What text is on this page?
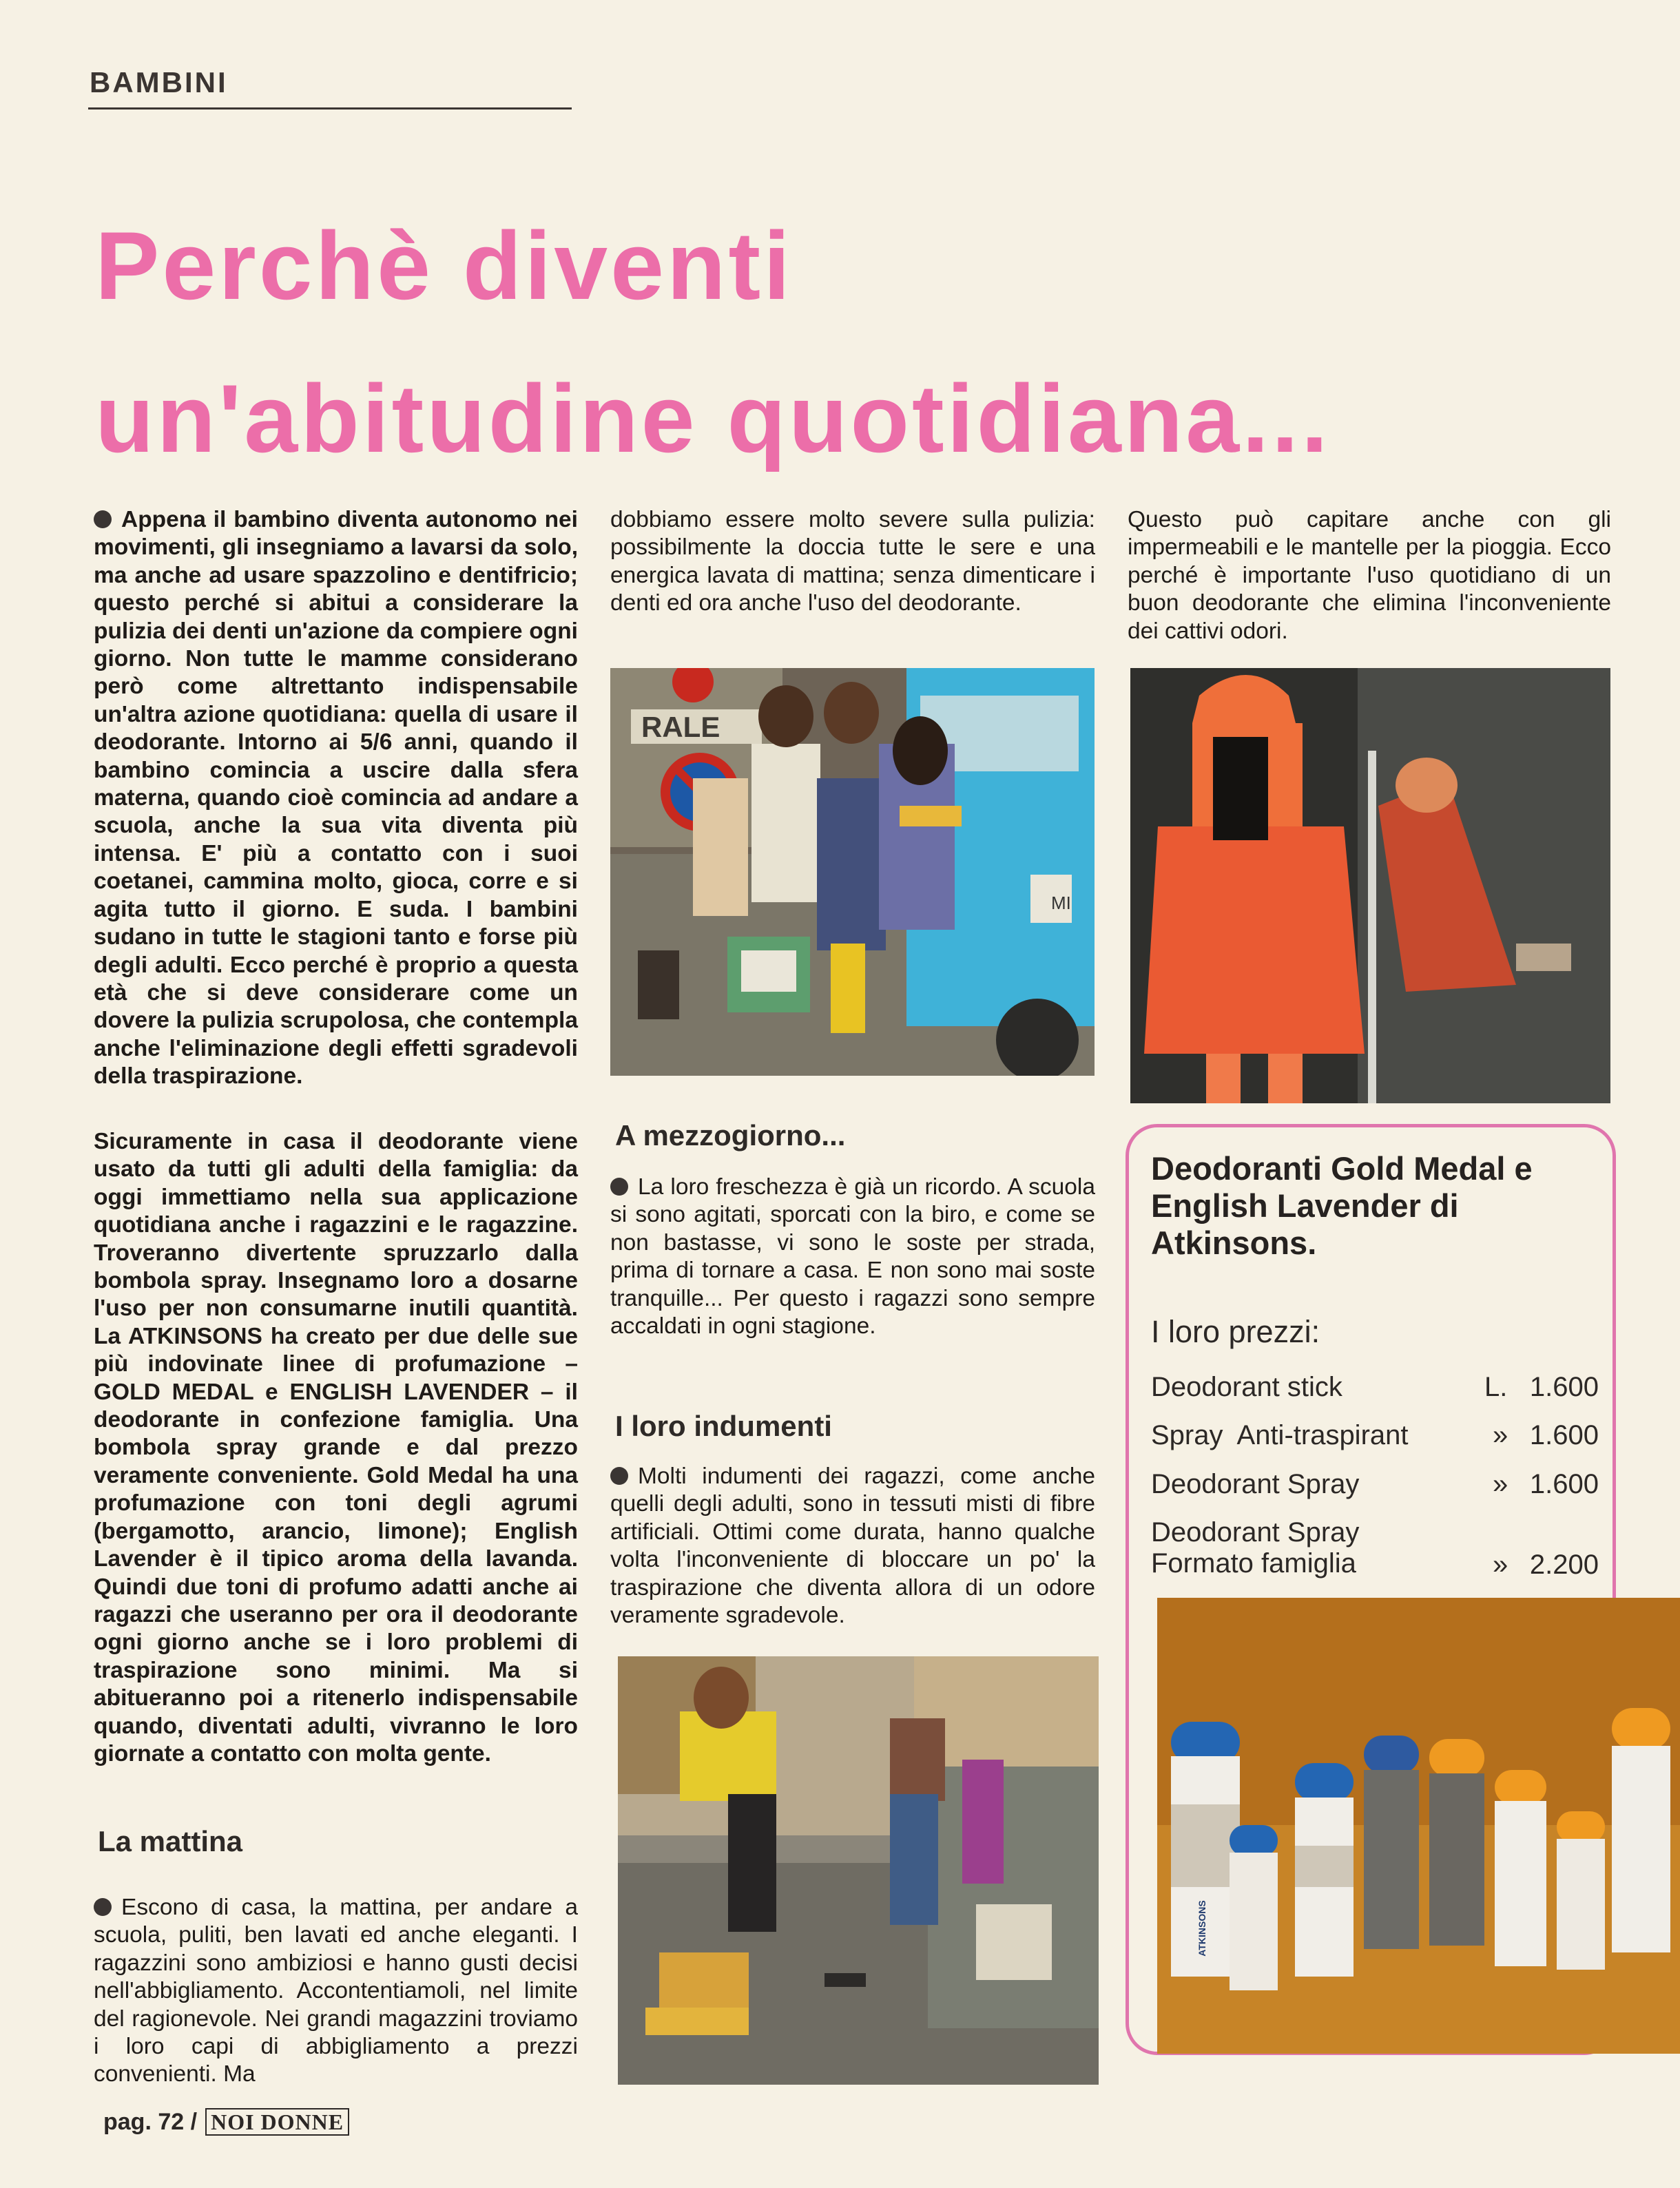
BAMBINI
Perchè diventi
un'abitudine quotidiana...
Appena il bambino diventa autonomo nei movimenti, gli insegniamo a lavarsi da solo, ma anche ad usare spazzolino e dentifricio; questo perché si abitui a considerare la pulizia dei denti un'azione da compiere ogni giorno. Non tutte le mamme considerano però come altrettanto indispensabile un'altra azione quotidiana: quella di usare il deodorante. Intorno ai 5/6 anni, quando il bambino comincia a uscire dalla sfera materna, quando cioè comincia ad andare a scuola, anche la sua vita diventa più intensa. E' più a contatto con i suoi coetanei, cammina molto, gioca, corre e si agita tutto il giorno. E suda. I bambini sudano in tutte le stagioni tanto e forse più degli adulti. Ecco perché è proprio a questa età che si deve considerare come un dovere la pulizia scrupolosa, che contempla anche l'eliminazione degli effetti sgradevoli della traspirazione.
Sicuramente in casa il deodorante viene usato da tutti gli adulti della famiglia: da oggi immettiamo nella sua applicazione quotidiana anche i ragazzini e le ragazzine. Troveranno divertente spruzzarlo dalla bombola spray. Insegnamo loro a dosarne l'uso per non consumarne inutili quantità. La ATKINSONS ha creato per due delle sue più indovinate linee di profumazione – GOLD MEDAL e ENGLISH LAVENDER – il deodorante in confezione famiglia. Una bombola spray grande e dal prezzo veramente conveniente. Gold Medal ha una profumazione con toni degli agrumi (bergamotto, arancio, limone); English Lavender è il tipico aroma della lavanda. Quindi due toni di profumo adatti anche ai ragazzi che useranno per ora il deodorante ogni giorno anche se i loro problemi di traspirazione sono minimi. Ma si abitueranno poi a ritenerlo indispensabile quando, diventati adulti, vivranno le loro giornate a contatto con molta gente.
La mattina
Escono di casa, la mattina, per andare a scuola, puliti, ben lavati ed anche eleganti. I ragazzini sono ambiziosi e hanno gusti decisi nell'abbigliamento. Accontentiamoli, nel limite del ragionevole. Nei grandi magazzini troviamo i loro capi di abbigliamento a prezzi convenienti. Ma
dobbiamo essere molto severe sulla pulizia: possibilmente la doccia tutte le sere e una energica lavata di mattina; senza dimenticare i denti ed ora anche l'uso del deodorante.
RALE
MI
A mezzogiorno...
La loro freschezza è già un ricordo. A scuola si sono agitati, sporcati con la biro, e come se non bastasse, vi sono le soste per strada, prima di tornare a casa. E non sono mai soste tranquille... Per questo i ragazzi sono sempre accaldati in ogni stagione.
I loro indumenti
Molti indumenti dei ragazzi, come anche quelli degli adulti, sono in tessuti misti di fibre artificiali. Ottimi come durata, hanno qualche volta l'inconveniente di bloccare un po' la traspirazione che diventa allora di un odore veramente sgradevole.
Questo può capitare anche con gli impermeabili e le mantelle per la pioggia. Ecco perché è importante l'uso quotidiano di un buon deodorante che elimina l'inconveniente dei cattivi odori.
Deodoranti Gold Medal e English Lavender di Atkinsons.
I loro prezzi:
Deodorant stick	L. 1.600
Spray  Anti-traspirant	» 1.600
Deodorant Spray	» 1.600
Deodorant Spray
Formato famiglia	» 2.200
ATKINSONS
pag. 72 / NOI DONNE
